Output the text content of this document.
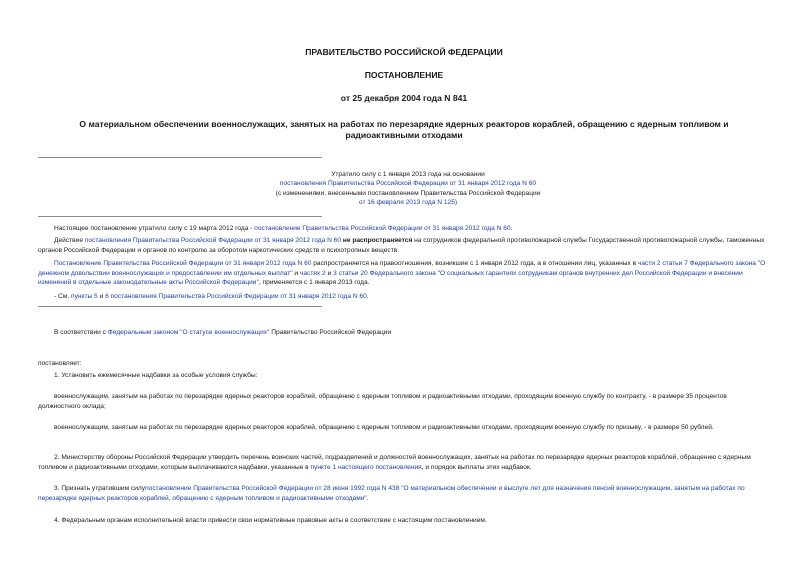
ПРАВИТЕЛЬСТВО РОССИЙСКОЙ ФЕДЕРАЦИИ
ПОСТАНОВЛЕНИЕ
от 25 декабря 2004 года N 841
О материальном обеспечении военнослужащих, занятых на работах по перезарядке ядерных реакторов кораблей, обращению с ядерным топливом и радиоактивными отходами
Утратило силу с 1 января 2013 года на основании
постановления Правительства Российской Федерации от 31 января 2012 года N 60
(с изменениями, внесенными постановлением Правительства Российской Федерации
от 16 февраля 2013 года N 125)
Настоящее постановление утратило силу с 19 марта 2012 года - постановление Правительства Российской Федерации от 31 января 2012 года N 60.
Действие постановления Правительства Российской Федерации от 31 января 2012 года N 60 не распространяется на сотрудников федеральной противопожарной службы Государственной противопожарной службы, таможенных органов Российской Федерации и органов по контролю за оборотом наркотических средств и психотропных веществ.
Постановление Правительства Российской Федерации от 31 января 2012 года N 60 распространяется на правоотношения, возникшие с 1 января 2012 года, а в отношении лиц, указанных в части 2 статьи 7 Федерального закона "О денежном довольствии военнослужащих и предоставлении им отдельных выплат" и частях 2 и 3 статьи 20 Федерального закона "О социальных гарантиях сотрудникам органов внутренних дел Российской Федерации и внесении изменений в отдельные законодательные акты Российской Федерации", применяется с 1 января 2013 года.
- См. пункты 5 и 6 постановления Правительства Российской Федерации от 31 января 2012 года N 60.
В соответствии с Федеральным законом "О статусе военнослужащих" Правительство Российской Федерации
постановляет:
1. Установить ежемесячные надбавки за особые условия службы:
военнослужащим, занятым на работах по перезарядке ядерных реакторов кораблей, обращению с ядерным топливом и радиоактивными отходами, проходящим военную службу по контракту, - в размере 35 процентов должностного оклада;
военнослужащим, занятым на работах по перезарядке ядерных реакторов кораблей, обращению с ядерным топливом и радиоактивными отходами, проходящим военную службу по призыву, - в размере 50 рублей.
2. Министерству обороны Российской Федерации утвердить перечень воинских частей, подразделений и должностей военнослужащих, занятых на работах по перезарядке ядерных реакторов кораблей, обращению с ядерным топливом и радиоактивными отходами, которым выплачиваются надбавки, указанные в пункте 1 настоящего постановления, и порядок выплаты этих надбавок.
3. Признать утратившим силупостановление Правительства Российской Федерации от 28 июня 1992 года N 438 "О материальном обеспечении и выслуге лет для назначения пенсий военнослужащим, занятым на работах по перезарядке ядерных реакторов кораблей, обращению с ядерным топливом и радиоактивными отходами".
4. Федеральным органам исполнительной власти привести свои нормативные правовые акты в соответствие с настоящим постановлением.
